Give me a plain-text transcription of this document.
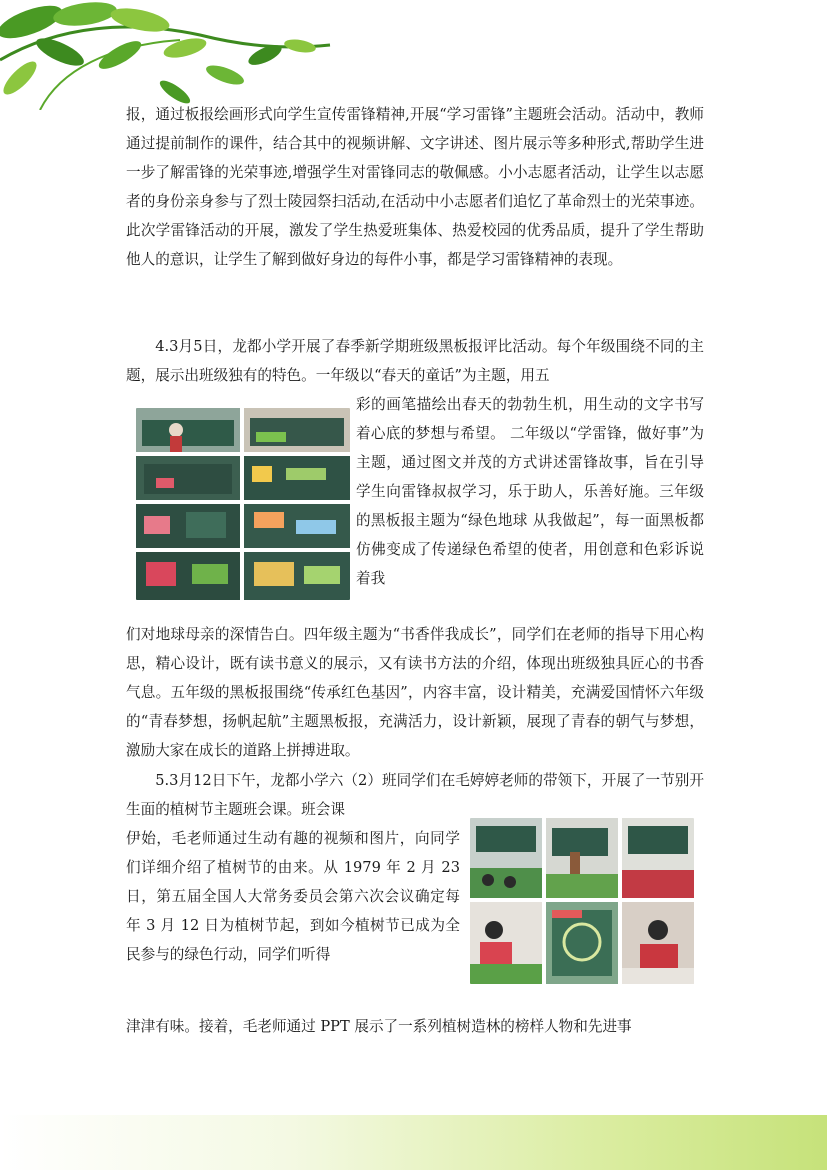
报，通过板报绘画形式向学生宣传雷锋精神,开展“学习雷锋”主题班会活动。活动中，教师通过提前制作的课件，结合其中的视频讲解、文字讲述、图片展示等多种形式,帮助学生进一步了解雷锋的光荣事迹,增强学生对雷锋同志的敬佩感。小小志愿者活动，让学生以志愿者的身份亲身参与了烈士陵园祭扫活动,在活动中小志愿者们追忆了革命烈士的光荣事迹。此次学雷锋活动的开展，激发了学生热爱班集体、热爱校园的优秀品质，提升了学生帮助他人的意识，让学生了解到做好身边的每件小事，都是学习雷锋精神的表现。

4.3月5日，龙都小学开展了春季新学期班级黑板报评比活动。每个年级围绕不同的主题，展示出班级独有的特色。一年级以“春天的童话”为主题，用五

彩的画笔描绘出春天的勃勃生机，用生动的文字书写着心底的梦想与希望。 二年级以“学雷锋，做好事”为主题，通过图文并茂的方式讲述雷锋故事，旨在引导学生向雷锋叔叔学习，乐于助人，乐善好施。三年级的黑板报主题为“绿色地球 从我做起”，每一面黑板都仿佛变成了传递绿色希望的使者，用创意和色彩诉说着我

们对地球母亲的深情告白。四年级主题为“书香伴我成长”，同学们在老师的指导下用心构思，精心设计，既有读书意义的展示，又有读书方法的介绍，体现出班级独具匠心的书香气息。五年级的黑板报围绕“传承红色基因”，内容丰富，设计精美，充满爱国情怀六年级的“青春梦想，扬帆起航”主题黑板报，充满活力，设计新颖，展现了青春的朝气与梦想，激励大家在成长的道路上拼搏进取。

5.3月12日下午，龙都小学六（2）班同学们在毛婷婷老师的带领下，开展了一节别开生面的植树节主题班会课。班会课

伊始，毛老师通过生动有趣的视频和图片，向同学们详细介绍了植树节的由来。从 1979 年 2 月 23 日，第五届全国人大常务委员会第六次会议确定每年 3 月 12 日为植树节起，到如今植树节已成为全民参与的绿色行动，同学们听得

津津有味。接着，毛老师通过 PPT 展示了一系列植树造林的榜样人物和先进事
